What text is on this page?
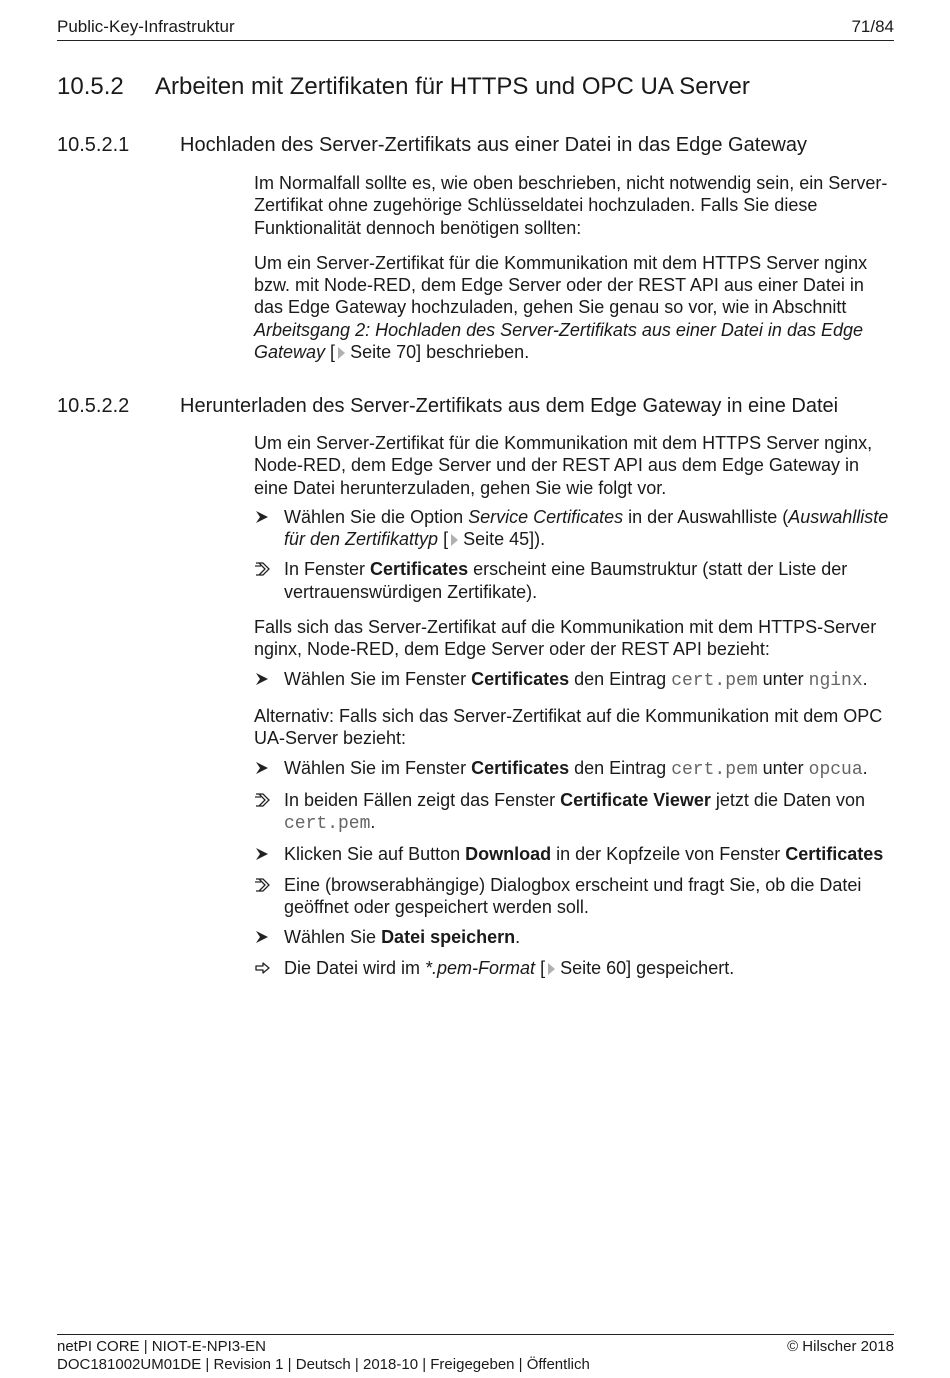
Public-Key-Infrastruktur	71/84
10.5.2 Arbeiten mit Zertifikaten für HTTPS und OPC UA Server
10.5.2.1	Hochladen des Server-Zertifikats aus einer Datei in das Edge Gateway

Im Normalfall sollte es, wie oben beschrieben, nicht notwendig sein, ein Server-Zertifikat ohne zugehörige Schlüsseldatei hochzuladen. Falls Sie diese Funktionalität dennoch benötigen sollten:

Um ein Server-Zertifikat für die Kommunikation mit dem HTTPS Server nginx bzw. mit Node-RED, dem Edge Server oder der REST API aus einer Datei in das Edge Gateway hochzuladen, gehen Sie genau so vor, wie in Abschnitt Arbeitsgang 2: Hochladen des Server-Zertifikats aus einer Datei in das Edge Gateway [ Seite 70] beschrieben.

10.5.2.2	Herunterladen des Server-Zertifikats aus dem Edge Gateway in eine Datei

Um ein Server-Zertifikat für die Kommunikation mit dem HTTPS Server nginx, Node-RED, dem Edge Server und der REST API aus dem Edge Gateway in eine Datei herunterzuladen, gehen Sie wie folgt vor.

Wählen Sie die Option Service Certificates in der Auswahlliste (Auswahlliste für den Zertifikattyp [ Seite 45]).
In Fenster Certificates erscheint eine Baumstruktur (statt der Liste der vertrauenswürdigen Zertifikate).

Falls sich das Server-Zertifikat auf die Kommunikation mit dem HTTPS-Server nginx, Node-RED, dem Edge Server oder der REST API bezieht:

Wählen Sie im Fenster Certificates den Eintrag cert.pem unter nginx.

Alternativ: Falls sich das Server-Zertifikat auf die Kommunikation mit dem OPC UA-Server bezieht:

Wählen Sie im Fenster Certificates den Eintrag cert.pem unter opcua.
In beiden Fällen zeigt das Fenster Certificate Viewer jetzt die Daten von cert.pem.
Klicken Sie auf Button Download in der Kopfzeile von Fenster Certificates
Eine (browserabhängige) Dialogbox erscheint und fragt Sie, ob die Datei geöffnet oder gespeichert werden soll.
Wählen Sie Datei speichern.
Die Datei wird im *.pem-Format [ Seite 60] gespeichert.
netPI CORE | NIOT-E-NPI3-EN
DOC181002UM01DE | Revision 1 | Deutsch | 2018-10 | Freigegeben | Öffentlich
© Hilscher 2018
